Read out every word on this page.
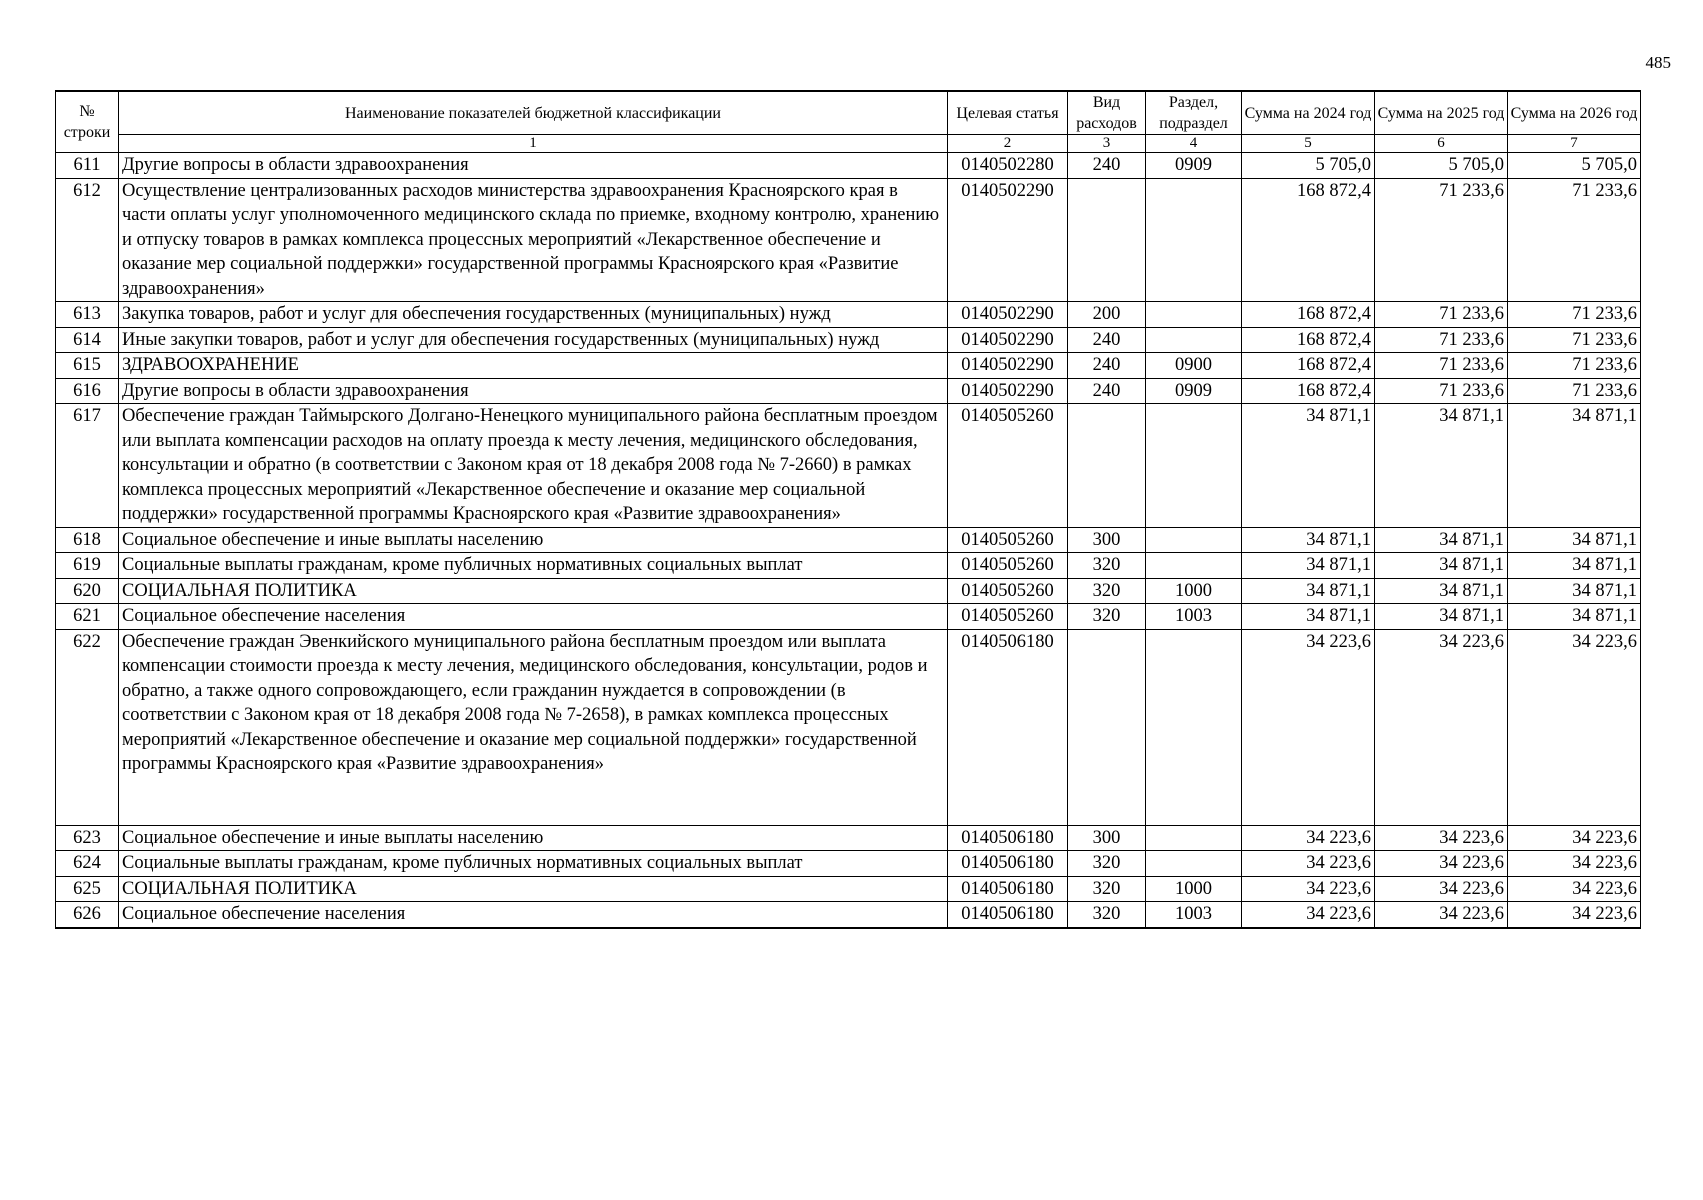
485
№ строки	Наименование показателей бюджетной классификации	Целевая статья	Вид расходов	Раздел, подраздел	Сумма на 2024 год	Сумма на 2025 год	Сумма на 2026 год
	1	2	3	4	5	6	7
611	Другие вопросы в области здравоохранения	0140502280	240	0909	5 705,0	5 705,0	5 705,0
612	Осуществление централизованных расходов министерства здравоохранения Красноярского края в части оплаты услуг уполномоченного медицинского склада по приемке, входному контролю, хранению и отпуску товаров в рамках комплекса процессных мероприятий «Лекарственное обеспечение и оказание мер социальной поддержки» государственной программы Красноярского края «Развитие здравоохранения»	0140502290			168 872,4	71 233,6	71 233,6
613	Закупка товаров, работ и услуг для обеспечения государственных (муниципальных) нужд	0140502290	200		168 872,4	71 233,6	71 233,6
614	Иные закупки товаров, работ и услуг для обеспечения государственных (муниципальных) нужд	0140502290	240		168 872,4	71 233,6	71 233,6
615	ЗДРАВООХРАНЕНИЕ	0140502290	240	0900	168 872,4	71 233,6	71 233,6
616	Другие вопросы в области здравоохранения	0140502290	240	0909	168 872,4	71 233,6	71 233,6
617	Обеспечение граждан Таймырского Долгано-Ненецкого муниципального района бесплатным проездом или выплата компенсации расходов на оплату проезда к месту лечения, медицинского обследования, консультации и обратно (в соответствии с Законом края от 18 декабря 2008 года № 7-2660) в рамках комплекса процессных мероприятий «Лекарственное обеспечение и оказание мер социальной поддержки» государственной программы Красноярского края «Развитие здравоохранения»	0140505260			34 871,1	34 871,1	34 871,1
618	Социальное обеспечение и иные выплаты населению	0140505260	300		34 871,1	34 871,1	34 871,1
619	Социальные выплаты гражданам, кроме публичных нормативных социальных выплат	0140505260	320		34 871,1	34 871,1	34 871,1
620	СОЦИАЛЬНАЯ ПОЛИТИКА	0140505260	320	1000	34 871,1	34 871,1	34 871,1
621	Социальное обеспечение населения	0140505260	320	1003	34 871,1	34 871,1	34 871,1
622	Обеспечение граждан Эвенкийского муниципального района бесплатным проездом или выплата компенсации стоимости проезда к месту лечения, медицинского обследования, консультации, родов и обратно, а также одного сопровождающего, если гражданин нуждается в сопровождении (в соответствии с Законом края от 18 декабря 2008 года № 7-2658), в рамках комплекса процессных мероприятий «Лекарственное обеспечение и оказание мер социальной поддержки» государственной программы Красноярского края «Развитие здравоохранения»	0140506180			34 223,6	34 223,6	34 223,6
623	Социальное обеспечение и иные выплаты населению	0140506180	300		34 223,6	34 223,6	34 223,6
624	Социальные выплаты гражданам, кроме публичных нормативных социальных выплат	0140506180	320		34 223,6	34 223,6	34 223,6
625	СОЦИАЛЬНАЯ ПОЛИТИКА	0140506180	320	1000	34 223,6	34 223,6	34 223,6
626	Социальное обеспечение населения	0140506180	320	1003	34 223,6	34 223,6	34 223,6
